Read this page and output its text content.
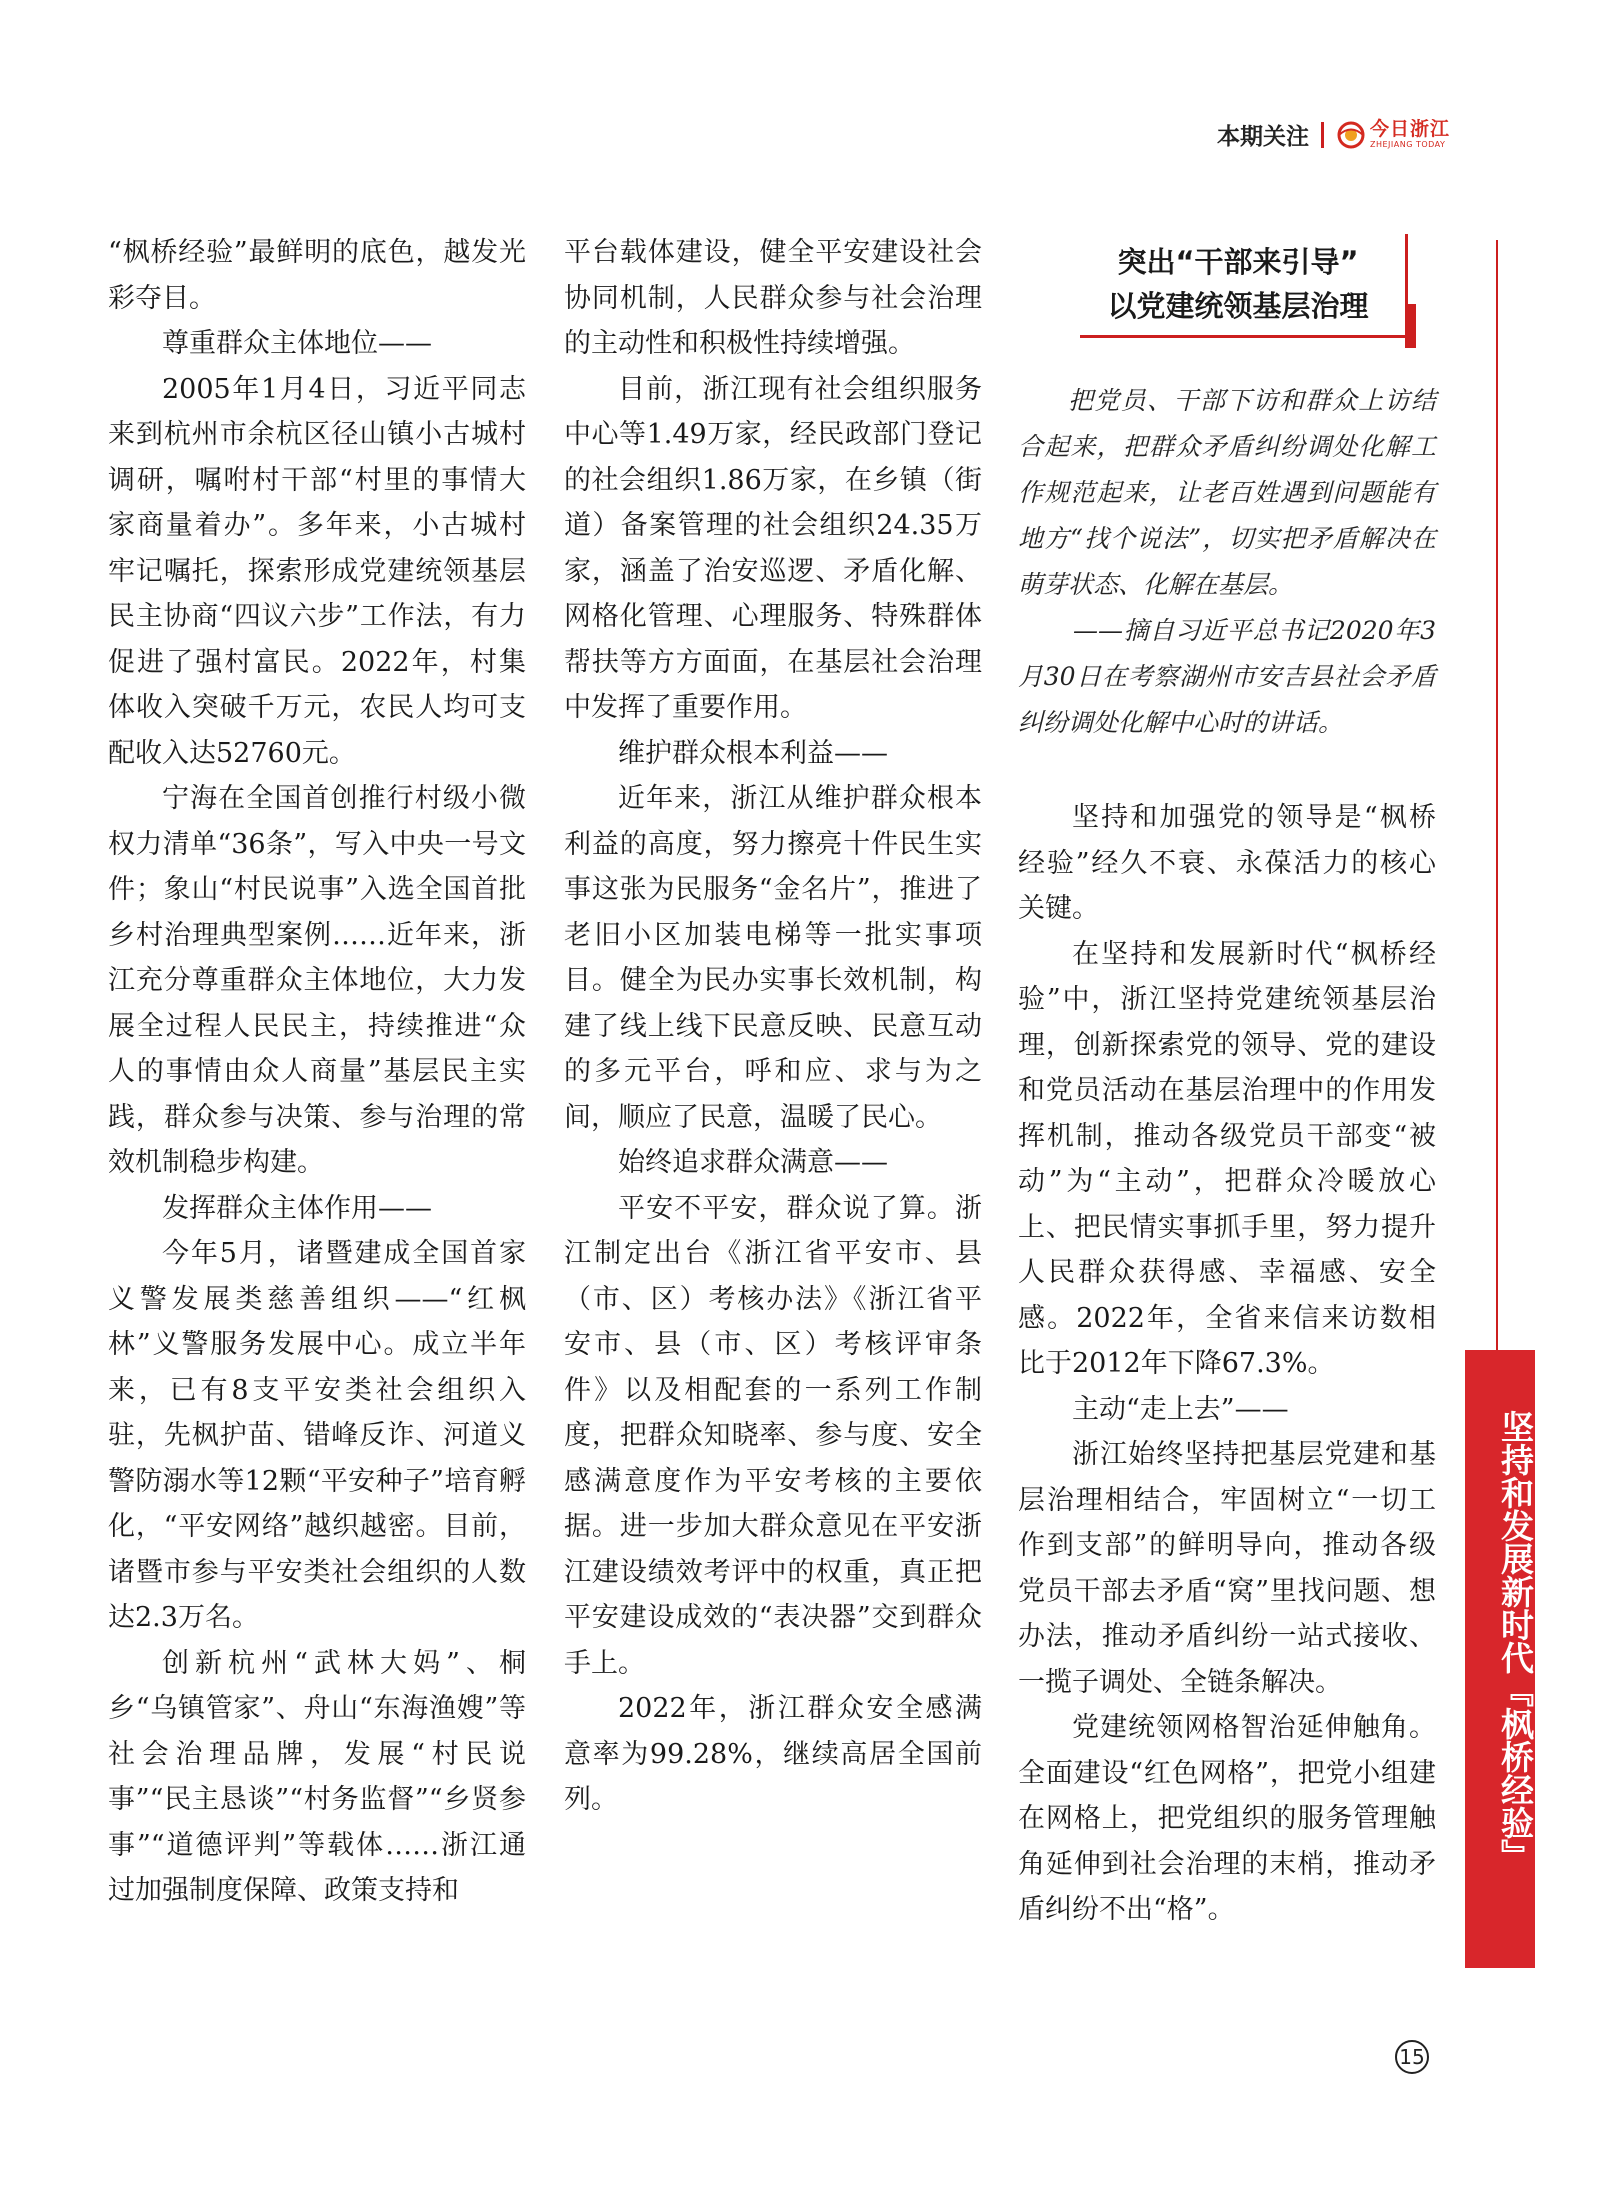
本期关注	今日浙江
ZHEJIANG TODAY

“枫桥经验”最鲜明的底色，越发光彩夺目。

尊重群众主体地位——

2005年1月4日，习近平同志来到杭州市余杭区径山镇小古城村调研，嘱咐村干部“村里的事情大家商量着办”。多年来，小古城村牢记嘱托，探索形成党建统领基层民主协商“四议六步”工作法，有力促进了强村富民。2022年，村集体收入突破千万元，农民人均可支配收入达52760元。

宁海在全国首创推行村级小微权力清单“36条”，写入中央一号文件；象山“村民说事”入选全国首批乡村治理典型案例……近年来，浙江充分尊重群众主体地位，大力发展全过程人民民主，持续推进“众人的事情由众人商量”基层民主实践，群众参与决策、参与治理的常效机制稳步构建。

发挥群众主体作用——

今年5月，诸暨建成全国首家义警发展类慈善组织——“红枫林”义警服务发展中心。成立半年来，已有8支平安类社会组织入驻，先枫护苗、错峰反诈、河道义警防溺水等12颗“平安种子”培育孵化，“平安网络”越织越密。目前，诸暨市参与平安类社会组织的人数达2.3万名。

创新杭州“武林大妈”、桐乡“乌镇管家”、舟山“东海渔嫂”等社会治理品牌，发展“村民说事”“民主恳谈”“村务监督”“乡贤参事”“道德评判”等载体……浙江通过加强制度保障、政策支持和

平台载体建设，健全平安建设社会协同机制，人民群众参与社会治理的主动性和积极性持续增强。

目前，浙江现有社会组织服务中心等1.49万家，经民政部门登记的社会组织1.86万家，在乡镇（街道）备案管理的社会组织24.35万家，涵盖了治安巡逻、矛盾化解、网格化管理、心理服务、特殊群体帮扶等方方面面，在基层社会治理中发挥了重要作用。

维护群众根本利益——

近年来，浙江从维护群众根本利益的高度，努力擦亮十件民生实事这张为民服务“金名片”，推进了老旧小区加装电梯等一批实事项目。健全为民办实事长效机制，构建了线上线下民意反映、民意互动的多元平台，呼和应、求与为之间，顺应了民意，温暖了民心。

始终追求群众满意——

平安不平安，群众说了算。浙江制定出台《浙江省平安市、县（市、区）考核办法》《浙江省平安市、县（市、区）考核评审条件》以及相配套的一系列工作制度，把群众知晓率、参与度、安全感满意度作为平安考核的主要依据。进一步加大群众意见在平安浙江建设绩效考评中的权重，真正把平安建设成效的“表决器”交到群众手上。

2022年，浙江群众安全感满意率为99.28%，继续高居全国前列。

突出“干部来引导”
以党建统领基层治理

把党员、干部下访和群众上访结合起来，把群众矛盾纠纷调处化解工作规范起来，让老百姓遇到问题能有地方“找个说法”，切实把矛盾解决在萌芽状态、化解在基层。

——摘自习近平总书记2020年3月30日在考察湖州市安吉县社会矛盾纠纷调处化解中心时的讲话。

坚持和加强党的领导是“枫桥经验”经久不衰、永葆活力的核心关键。

在坚持和发展新时代“枫桥经验”中，浙江坚持党建统领基层治理，创新探索党的领导、党的建设和党员活动在基层治理中的作用发挥机制，推动各级党员干部变“被动”为“主动”，把群众冷暖放心上、把民情实事抓手里，努力提升人民群众获得感、幸福感、安全感。2022年，全省来信来访数相比于2012年下降67.3%。

主动“走上去”——

浙江始终坚持把基层党建和基层治理相结合，牢固树立“一切工作到支部”的鲜明导向，推动各级党员干部去矛盾“窝”里找问题、想办法，推动矛盾纠纷一站式接收、一揽子调处、全链条解决。

党建统领网格智治延伸触角。全面建设“红色网格”，把党小组建在网格上，把党组织的服务管理触角延伸到社会治理的末梢，推动矛盾纠纷不出“格”。

坚持和发展新时代『枫桥经验』
15
